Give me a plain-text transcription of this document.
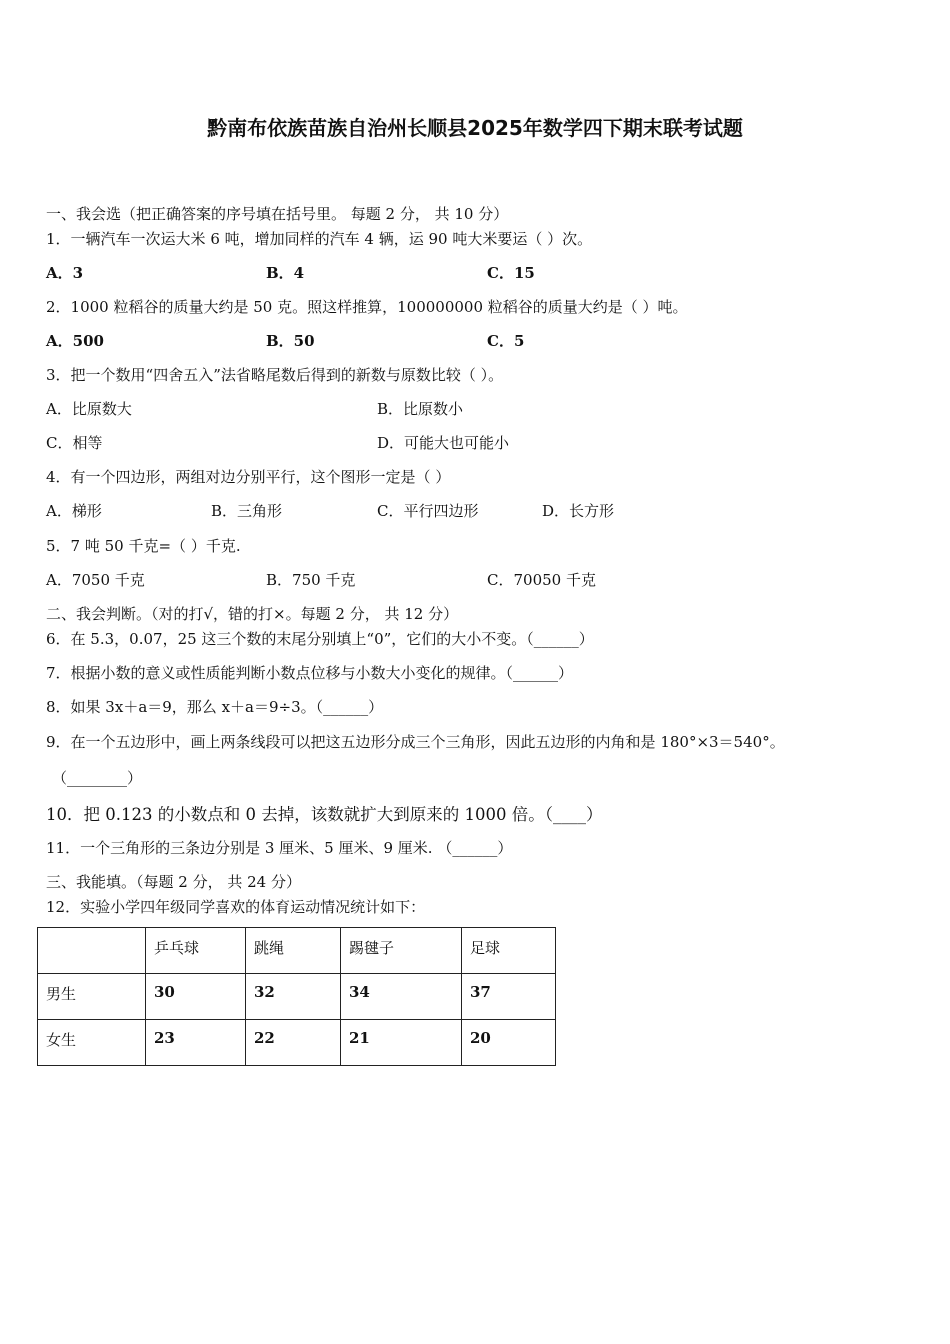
黔南布依族苗族自治州长顺县2025年数学四下期末联考试题
一、我会选（把正确答案的序号填在括号里。 每题 2 分， 共 10 分）
1．一辆汽车一次运大米 6 吨，增加同样的汽车 4 辆，运 90 吨大米要运（ ）次。
A．3	B．4	C．15
2．1000 粒稻谷的质量大约是 50 克。照这样推算，100000000 粒稻谷的质量大约是（ ）吨。
A．500	B．50	C．5
3．把一个数用“四舍五入”法省略尾数后得到的新数与原数比较（ ）。
A．比原数大	B．比原数小
C．相等	D．可能大也可能小
4．有一个四边形，两组对边分别平行，这个图形一定是（ ）
A．梯形	B．三角形	C．平行四边形	D．长方形
5．7 吨 50 千克=（ ）千克.
A．7050 千克	B．750 千克	C．70050 千克
二、我会判断。（对的打√，错的打×。每题 2 分， 共 12 分）
6．在 5.3，0.07，25 这三个数的末尾分别填上“0”，它们的大小不变。（______）
7．根据小数的意义或性质能判断小数点位移与小数大小变化的规律。（______）
8．如果 3x＋a＝9，那么 x＋a＝9÷3。（______）
9．在一个五边形中，画上两条线段可以把这五边形分成三个三角形，因此五边形的内角和是 180°×3＝540°。
（________）
10．把 0.123 的小数点和 0 去掉，该数就扩大到原来的 1000 倍。（____）
11．一个三角形的三条边分别是 3 厘米、5 厘米、9 厘米. （______）
三、我能填。（每题 2 分， 共 24 分）
12．实验小学四年级同学喜欢的体育运动情况统计如下：
	乒乓球	跳绳	踢毽子	足球
男生	30	32	34	37
女生	23	22	21	20
